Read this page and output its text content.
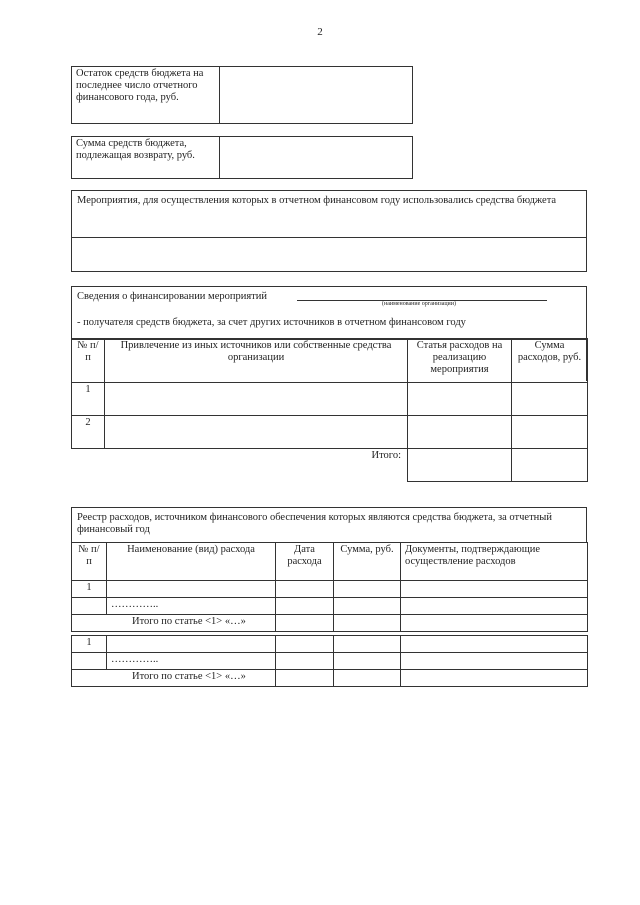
2
Остаток средств бюджета на последнее число отчетного финансового года, руб.	
Сумма средств бюджета, подлежащая возврату, руб.	
Мероприятия, для осуществления которых в отчетном финансовом году использовались средства бюджета
Сведения о финансировании мероприятий
(наименование организации)
- получателя средств бюджета, за счет других источников в отчетном финансовом году
№ п/п	Привлечение из иных источников или собственные средства организации	Статья расходов на реализацию мероприятия	Сумма расходов, руб.
1			
2			
	Итого:		
Реестр расходов, источником финансового обеспечения которых являются средства бюджета, за отчетный финансовый год
№ п/п	Наименование (вид) расхода	Дата расхода	Сумма, руб.	Документы, подтверждающие осуществление расходов
1				
	…………..			
Итого по статье <1> «…»				
1				
	…………..			
Итого по статье <1> «…»				
